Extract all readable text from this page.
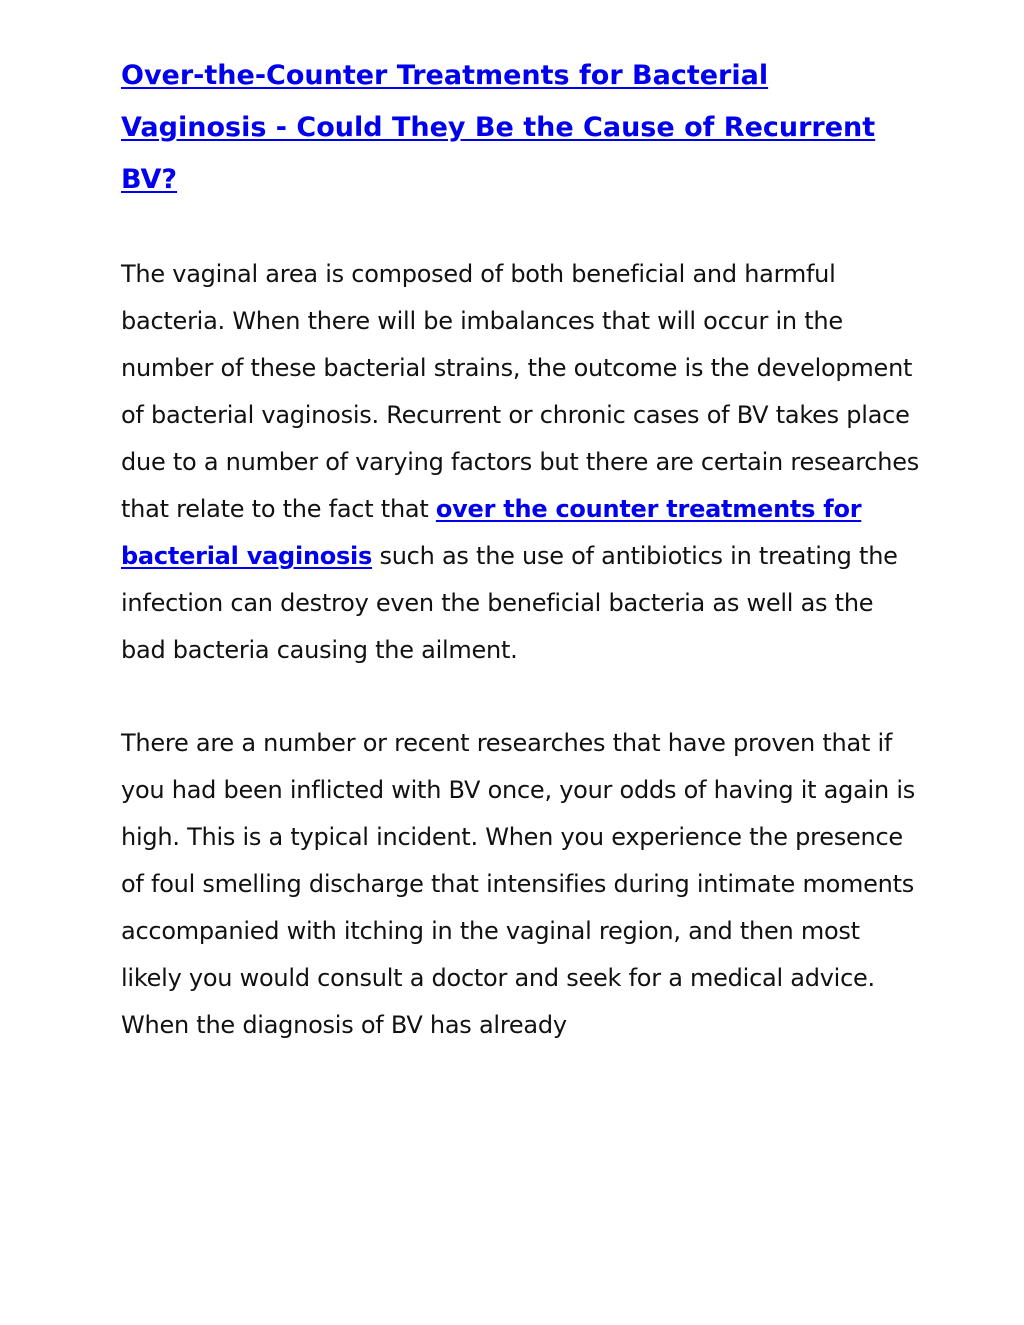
Over-the-Counter Treatments for Bacterial Vaginosis - Could They Be the Cause of Recurrent BV?

The vaginal area is composed of both beneficial and harmful bacteria. When there will be imbalances that will occur in the number of these bacterial strains, the outcome is the development of bacterial vaginosis. Recurrent or chronic cases of BV takes place due to a number of varying factors but there are certain researches that relate to the fact that over the counter treatments for bacterial vaginosis such as the use of antibiotics in treating the infection can destroy even the beneficial bacteria as well as the bad bacteria causing the ailment.

There are a number or recent researches that have proven that if you had been inflicted with BV once, your odds of having it again is high. This is a typical incident. When you experience the presence of foul smelling discharge that intensifies during intimate moments accompanied with itching in the vaginal region, and then most likely you would consult a doctor and seek for a medical advice. When the diagnosis of BV has already
